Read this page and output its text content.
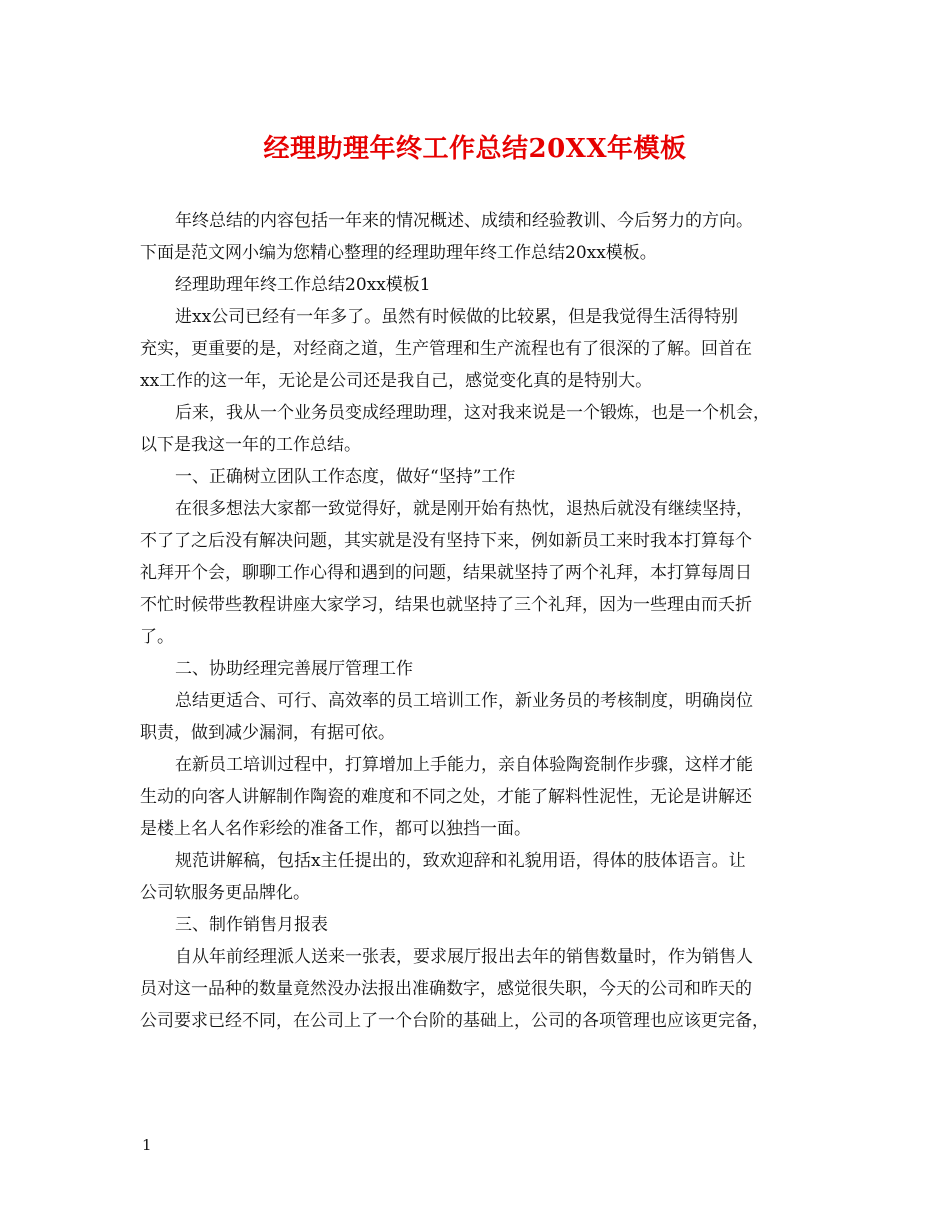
经理助理年终工作总结20XX年模板
年终总结的内容包括一年来的情况概述、成绩和经验教训、今后努力的方向。
下面是范文网小编为您精心整理的经理助理年终工作总结20xx模板。
经理助理年终工作总结20xx模板1
进xx公司已经有一年多了。虽然有时候做的比较累，但是我觉得生活得特别
充实，更重要的是，对经商之道，生产管理和生产流程也有了很深的了解。回首在
xx工作的这一年，无论是公司还是我自己，感觉变化真的是特别大。
后来，我从一个业务员变成经理助理，这对我来说是一个锻炼，也是一个机会，
以下是我这一年的工作总结。
一、正确树立团队工作态度，做好“坚持”工作
在很多想法大家都一致觉得好，就是刚开始有热忱，退热后就没有继续坚持，
不了了之后没有解决问题，其实就是没有坚持下来，例如新员工来时我本打算每个
礼拜开个会，聊聊工作心得和遇到的问题，结果就坚持了两个礼拜，本打算每周日
不忙时候带些教程讲座大家学习，结果也就坚持了三个礼拜，因为一些理由而夭折
了。
二、协助经理完善展厅管理工作
总结更适合、可行、高效率的员工培训工作，新业务员的考核制度，明确岗位
职责，做到减少漏洞，有据可依。
在新员工培训过程中，打算增加上手能力，亲自体验陶瓷制作步骤，这样才能
生动的向客人讲解制作陶瓷的难度和不同之处，才能了解料性泥性，无论是讲解还
是楼上名人名作彩绘的准备工作，都可以独挡一面。
规范讲解稿，包括x主任提出的，致欢迎辞和礼貌用语，得体的肢体语言。让
公司软服务更品牌化。
三、制作销售月报表
自从年前经理派人送来一张表，要求展厅报出去年的销售数量时，作为销售人
员对这一品种的数量竟然没办法报出准确数字，感觉很失职，今天的公司和昨天的
公司要求已经不同，在公司上了一个台阶的基础上，公司的各项管理也应该更完备，
1
